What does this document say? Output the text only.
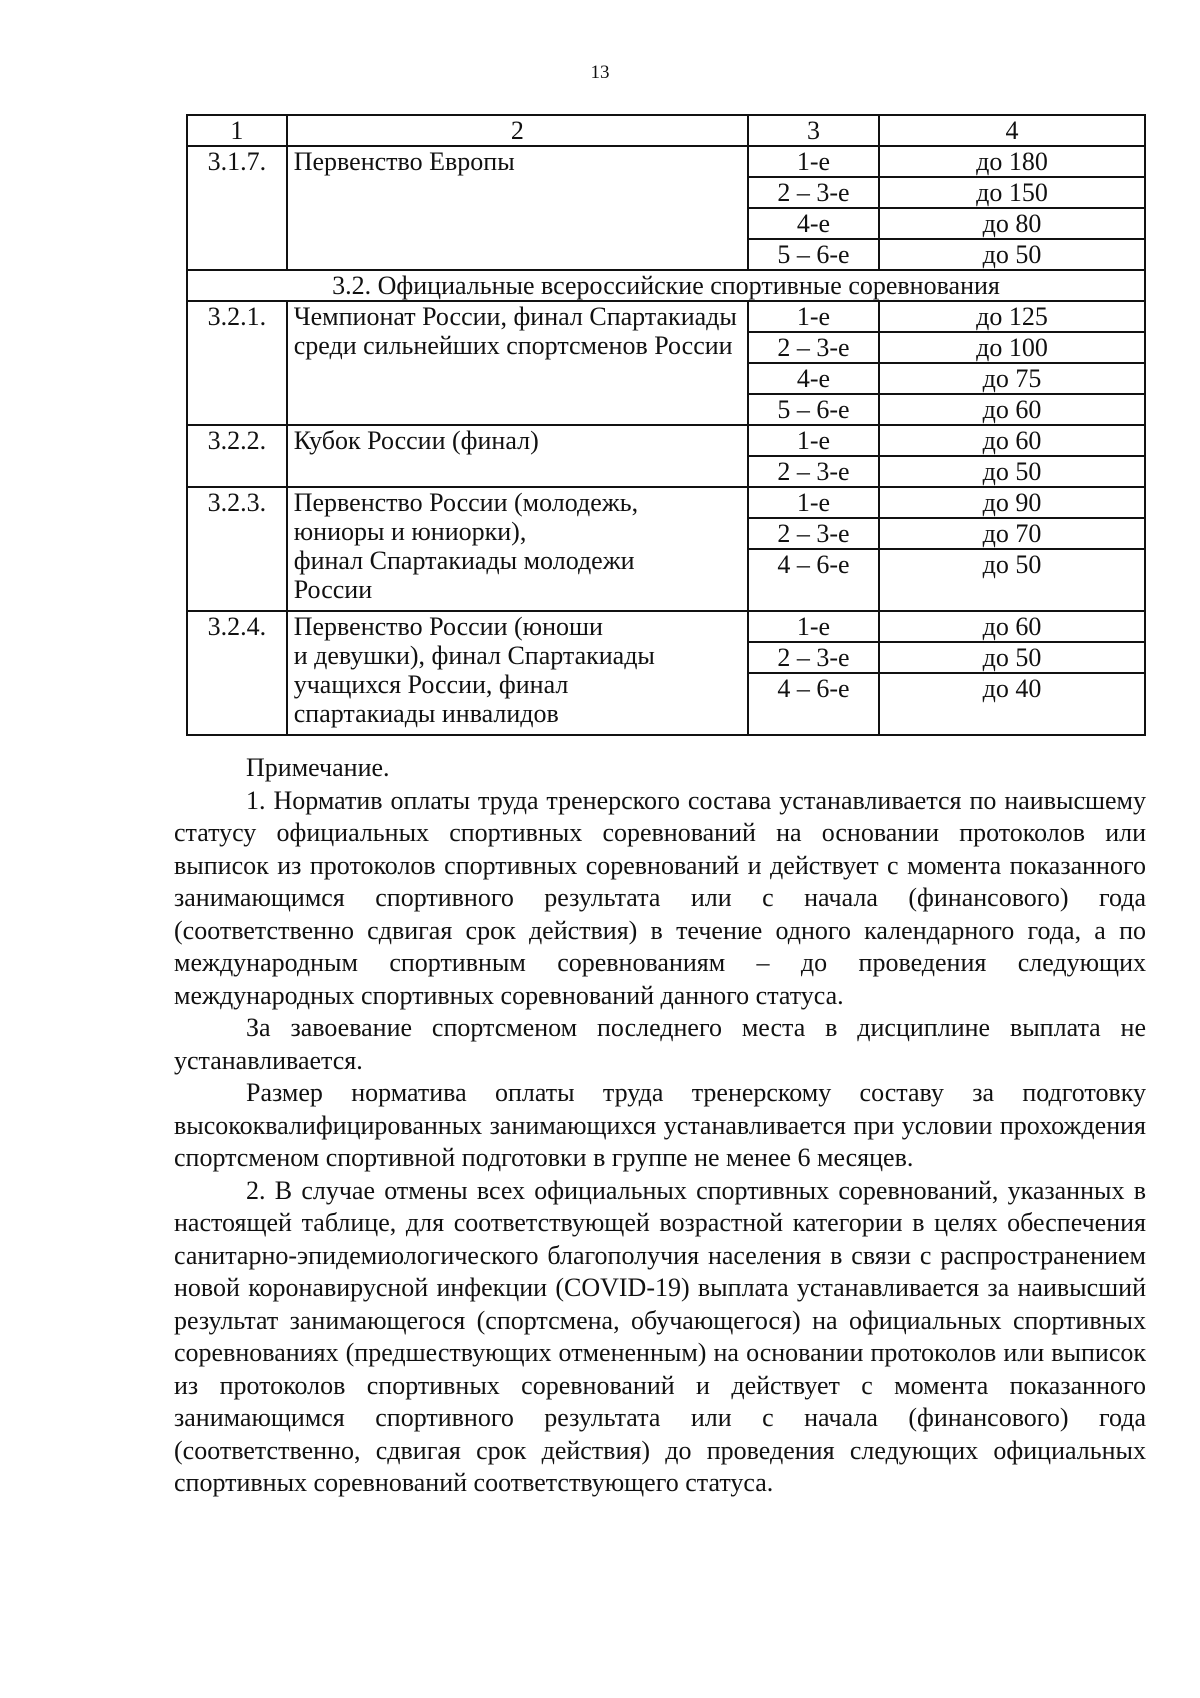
13
1	2	3	4
3.1.7.	Первенство Европы	1-е	до 180
		2 – 3-е	до 150
		4-е	до 80
		5 – 6-е	до 50
3.2. Официальные всероссийские спортивные соревнования			
3.2.1.	Чемпионат России, финал Спартакиады среди сильнейших спортсменов России	1-е	до 125
		2 – 3-е	до 100
		4-е	до 75
		5 – 6-е	до 60
3.2.2.	Кубок России (финал)	1-е	до 60
		2 – 3-е	до 50
3.2.3.	Первенство России (молодежь,
юниоры и юниорки),
финал Спартакиады молодежи
России	1-е	до 90
		2 – 3-е	до 70
		4 – 6-е	до 50
3.2.4.	Первенство России (юноши
и девушки), финал Спартакиады
учащихся России, финал
спартакиады инвалидов	1-е	до 60
		2 – 3-е	до 50
		4 – 6-е	до 40

Примечание.

1. Норматив оплаты труда тренерского состава устанавливается по наивысшему статусу официальных спортивных соревнований на основании протоколов или выписок из протоколов спортивных соревнований и действует с момента показанного занимающимся спортивного результата или с начала (финансового) года (соответственно сдвигая срок действия) в течение одного календарного года, а по международным спортивным соревнованиям – до проведения следующих международных спортивных соревнований данного статуса.

За завоевание спортсменом последнего места в дисциплине выплата не устанавливается.

Размер норматива оплаты труда тренерскому составу за подготовку высококвалифицированных занимающихся устанавливается при условии прохождения спортсменом спортивной подготовки в группе не менее 6 месяцев.

2. В случае отмены всех официальных спортивных соревнований, указанных в настоящей таблице, для соответствующей возрастной категории в целях обеспечения санитарно-эпидемиологического благополучия населения в связи с распространением новой коронавирусной инфекции (COVID-19) выплата устанавливается за наивысший результат занимающегося (спортсмена, обучающегося) на официальных спортивных соревнованиях (предшествующих отмененным) на основании протоколов или выписок из протоколов спортивных соревнований и действует с момента показанного занимающимся спортивного результата или с начала (финансового) года (соответственно, сдвигая срок действия) до проведения следующих официальных спортивных соревнований соответствующего статуса.
